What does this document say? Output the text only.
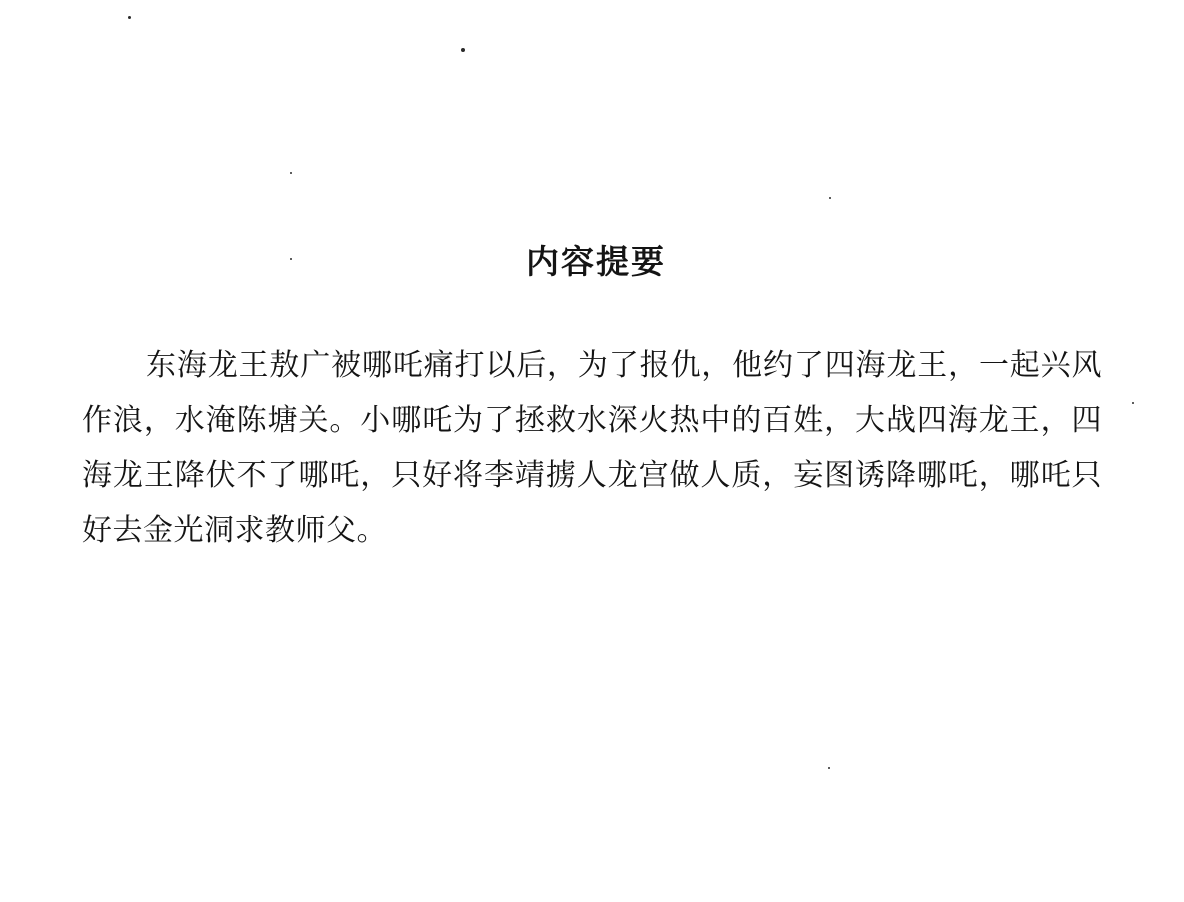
内容提要

东海龙王敖广被哪吒痛打以后，为了报仇，他约了四海龙王，一起兴风作浪，水淹陈塘关。小哪吒为了拯救水深火热中的百姓，大战四海龙王，四海龙王降伏不了哪吒，只好将李靖掳人龙宫做人质，妄图诱降哪吒，哪吒只好去金光洞求教师父。
